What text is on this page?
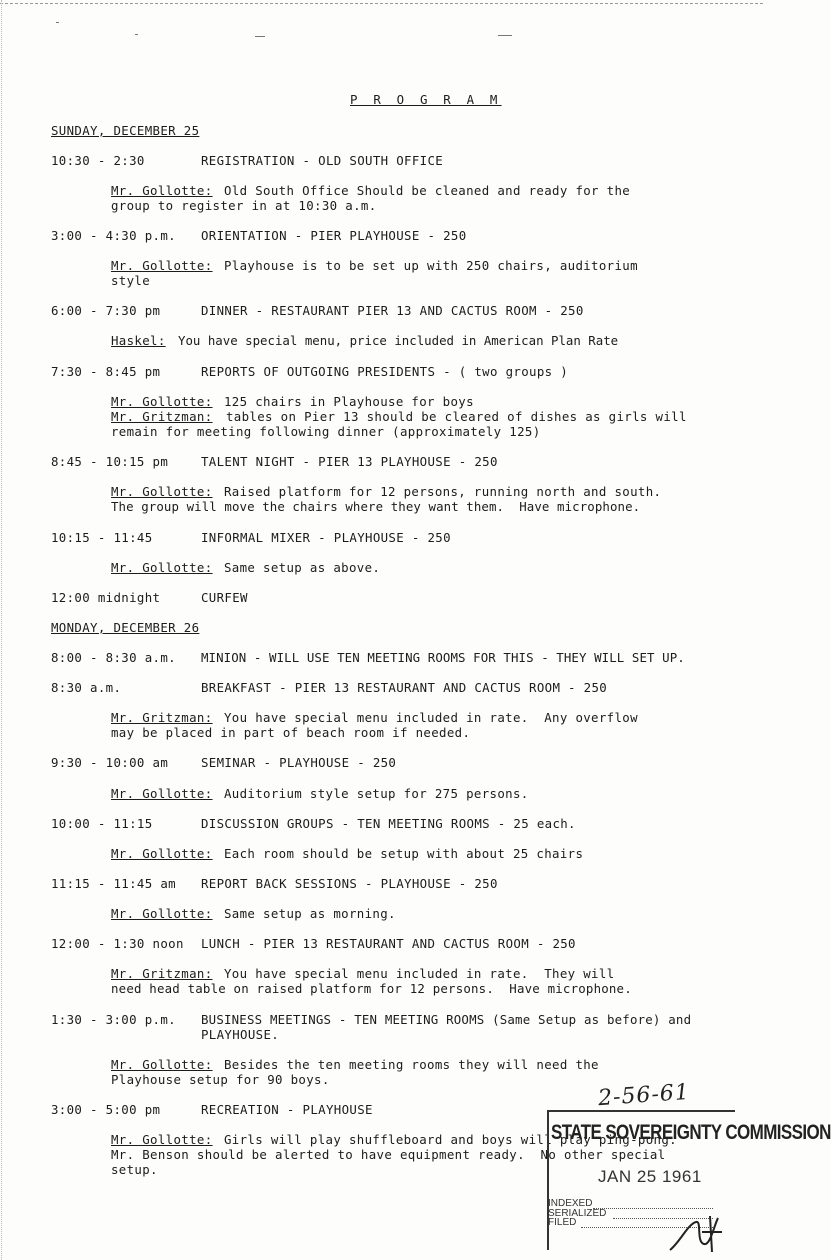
P R O G R A M
SUNDAY, DECEMBER 25
10:30 - 2:30	REGISTRATION - OLD SOUTH OFFICE
Mr. Gollotte: Old South Office Should be cleaned and ready for the
group to register in at 10:30 a.m.
3:00 - 4:30 p.m. ORIENTATION - PIER PLAYHOUSE - 250
Mr. Gollotte: Playhouse is to be set up with 250 chairs, auditorium
style
6:00 - 7:30 pm	DINNER - RESTAURANT PIER 13 AND CACTUS ROOM - 250
Haskel: You have special menu, price included in American Plan Rate
7:30 - 8:45 pm	REPORTS OF OUTGOING PRESIDENTS - ( two groups )
Mr. Gollotte: 125 chairs in Playhouse for boys
Mr. Gritzman: tables on Pier 13 should be cleared of dishes as girls will
remain for meeting following dinner (approximately 125)
8:45 - 10:15 pm	TALENT NIGHT - PIER 13 PLAYHOUSE - 250
Mr. Gollotte: Raised platform for 12 persons, running north and south.
The group will move the chairs where they want them.  Have microphone.
10:15 - 11:45	INFORMAL MIXER - PLAYHOUSE - 250
Mr. Gollotte: Same setup as above.
12:00 midnight	CURFEW
MONDAY, DECEMBER 26
8:00 - 8:30 a.m. MINION - WILL USE TEN MEETING ROOMS FOR THIS - THEY WILL SET UP.
8:30 a.m.	BREAKFAST - PIER 13 RESTAURANT AND CACTUS ROOM - 250
Mr. Gritzman: You have special menu included in rate.  Any overflow
may be placed in part of beach room if needed.
9:30 - 10:00 am	SEMINAR - PLAYHOUSE - 250
Mr. Gollotte: Auditorium style setup for 275 persons.
10:00 - 11:15	DISCUSSION GROUPS - TEN MEETING ROOMS - 25 each.
Mr. Gollotte: Each room should be setup with about 25 chairs
11:15 - 11:45 am REPORT BACK SESSIONS - PLAYHOUSE - 250
Mr. Gollotte: Same setup as morning.
12:00 - 1:30 noon LUNCH - PIER 13 RESTAURANT AND CACTUS ROOM - 250
Mr. Gritzman: You have special menu included in rate.  They will
need head table on raised platform for 12 persons.  Have microphone.
1:30 - 3:00 p.m. BUSINESS MEETINGS - TEN MEETING ROOMS (Same Setup as before) and
PLAYHOUSE.
Mr. Gollotte: Besides the ten meeting rooms they will need the
Playhouse setup for 90 boys.
3:00 - 5:00 pm	RECREATION - PLAYHOUSE
Mr. Gollotte: Girls will play shuffleboard and boys will play ping-pong.
Mr. Benson should be alerted to have equipment ready.  No other special
setup.
2-56-61
STATE SOVEREIGNTY COMMISSION
JAN 25 1961
INDEXED
SERIALIZED
FILED
